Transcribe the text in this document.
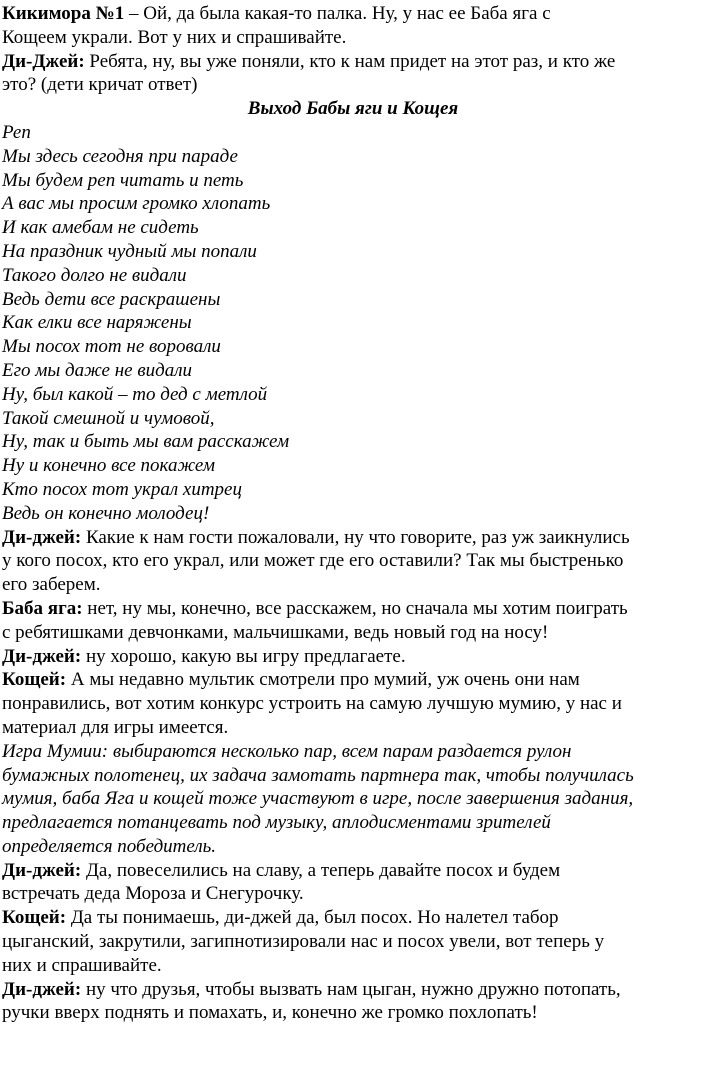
Кикимора №1 – Ой, да была какая-то палка. Ну, у нас ее Баба яга с
Кощеем украли. Вот у них и спрашивайте.
Ди-Джей: Ребята, ну, вы уже поняли, кто к нам придет на этот раз, и кто же
это? (дети кричат ответ)
Выход Бабы яги и Кощея
Реп
Мы здесь сегодня при параде
Мы будем реп читать и петь
А вас мы просим громко хлопать
И как амебам не сидеть
На праздник чудный мы попали
Такого долго не видали
Ведь дети все раскрашены
Как елки все наряжены
Мы посох тот не воровали
Его мы даже не видали
Ну, был какой – то дед с метлой
Такой смешной и чумовой,
Ну, так и быть мы вам расскажем
Ну и конечно все покажем
Кто посох тот украл хитрец
Ведь он конечно молодец!
Ди-джей: Какие к нам гости пожаловали, ну что говорите, раз уж заикнулись
у кого посох, кто его украл, или может где его оставили? Так мы быстренько
его заберем.
Баба яга: нет, ну мы, конечно, все расскажем, но сначала мы хотим поиграть
с ребятишками девчонками, мальчишками, ведь новый год на носу!
Ди-джей: ну хорошо, какую вы игру предлагаете.
Кощей: А мы недавно мультик смотрели про мумий, уж очень они нам
понравились, вот хотим конкурс устроить на самую лучшую мумию, у нас и
материал для игры имеется.
Игра Мумии: выбираются несколько пар, всем парам раздается рулон
бумажных полотенец, их задача замотать партнера так, чтобы получилась
мумия, баба Яга и кощей тоже участвуют в игре, после завершения задания,
предлагается потанцевать под музыку, аплодисментами зрителей
определяется победитель.
Ди-джей: Да, повеселились на славу, а теперь давайте посох и будем
встречать деда Мороза и Снегурочку.
Кощей: Да ты понимаешь, ди-джей да, был посох. Но налетел табор
цыганский, закрутили, загипнотизировали нас и посох увели, вот теперь у
них и спрашивайте.
Ди-джей: ну что друзья, чтобы вызвать нам цыган, нужно дружно потопать,
ручки вверх поднять и помахать, и, конечно же громко похлопать!
